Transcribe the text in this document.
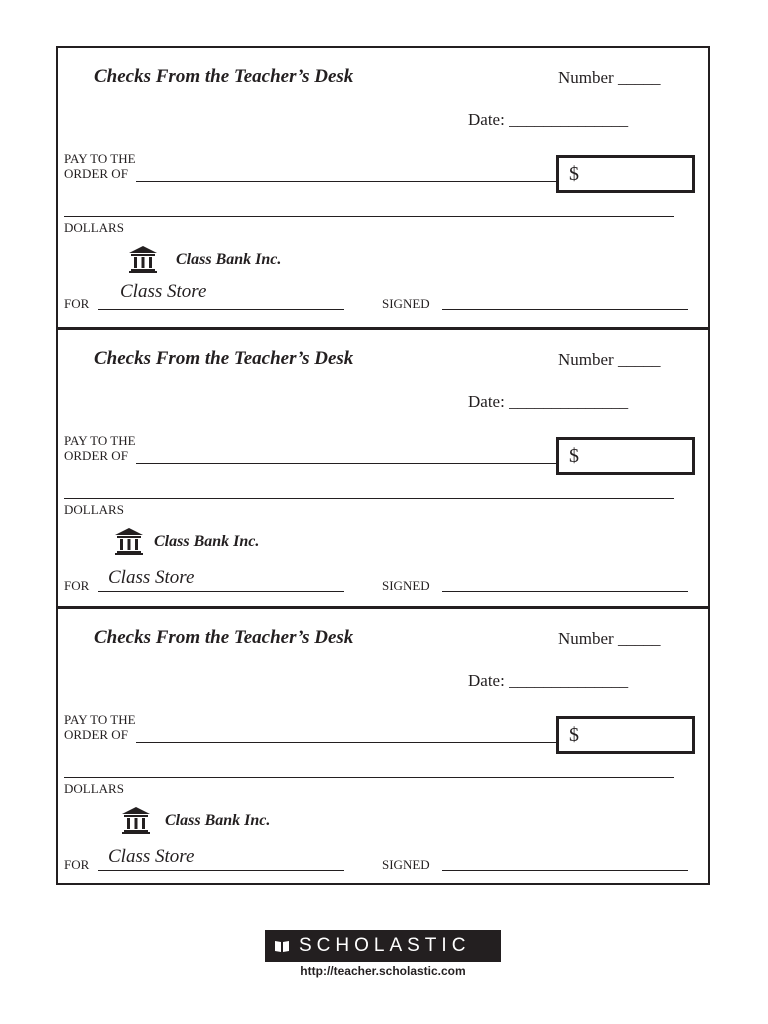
Checks From the Teacher’s Desk	Number _____
Date: ______________
PAY TO THE
ORDER OF	$
DOLLARS
Class Bank Inc.
FOR
Class Store
SIGNED
Checks From the Teacher’s Desk	Number _____
Date: ______________
PAY TO THE
ORDER OF	$
DOLLARS
Class Bank Inc.
FOR Class Store	SIGNED
Checks From the Teacher’s Desk	Number _____
Date: ______________
PAY TO THE
ORDER OF	$
DOLLARS
Class Bank Inc.
FOR Class Store	SIGNED
SCHOLASTIC
http://teacher.scholastic.com
